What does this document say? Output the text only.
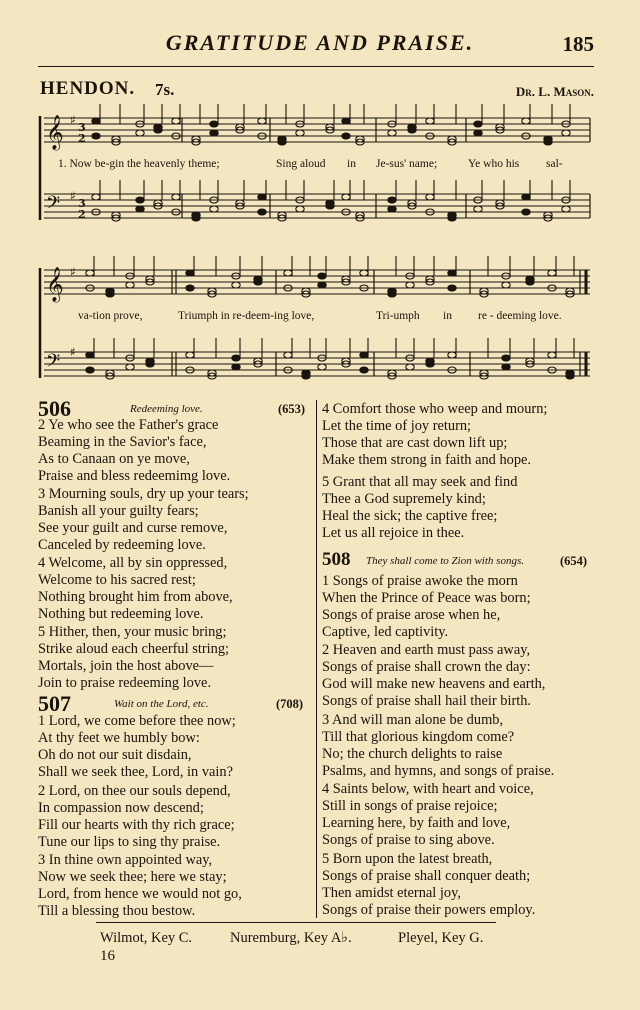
GRATITUDE AND PRAISE.	185
HENDON. 7s.	Dr. L. Mason.
𝄞
𝄢
𝄞
𝄢
♯
♯
♯
♯
3
2
3
2
1. Now be-gin the heavenly theme;	Sing aloud in Je-sus' name;	Ye who his sal-
va-tion prove,	Triumph in re-deem-ing love,	Tri-umph in re - deeming love.
506	Redeeming love.	(653)
2 Ye who see the Father's grace
Beaming in the Savior's face,
As to Canaan on ye move,
Praise and bless redeemimg love.
3 Mourning souls, dry up your tears;
Banish all your guilty fears;
See your guilt and curse remove,
Canceled by redeeming love.
4 Welcome, all by sin oppressed,
Welcome to his sacred rest;
Nothing brought him from above,
Nothing but redeeming love.
5 Hither, then, your music bring;
Strike aloud each cheerful string;
Mortals, join the host above—
Join to praise redeeming love.
507	Wait on the Lord, etc.	(708)
1 Lord, we come before thee now;
At thy feet we humbly bow:
Oh do not our suit disdain,
Shall we seek thee, Lord, in vain?
2 Lord, on thee our souls depend,
In compassion now descend;
Fill our hearts with thy rich grace;
Tune our lips to sing thy praise.
3 In thine own appointed way,
Now we seek thee; here we stay;
Lord, from hence we would not go,
Till a blessing thou bestow.
4 Comfort those who weep and mourn;
Let the time of joy return;
Those that are cast down lift up;
Make them strong in faith and hope.
5 Grant that all may seek and find
Thee a God supremely kind;
Heal the sick; the captive free;
Let us all rejoice in thee.
508 They shall come to Zion with songs.	(654)
1 Songs of praise awoke the morn
When the Prince of Peace was born;
Songs of praise arose when he,
Captive, led captivity.
2 Heaven and earth must pass away,
Songs of praise shall crown the day:
God will make new heavens and earth,
Songs of praise shall hail their birth.
3 And will man alone be dumb,
Till that glorious kingdom come?
No; the church delights to raise
Psalms, and hymns, and songs of praise.
4 Saints below, with heart and voice,
Still in songs of praise rejoice;
Learning here, by faith and love,
Songs of praise to sing above.
5 Born upon the latest breath,
Songs of praise shall conquer death;
Then amidst eternal joy,
Songs of praise their powers employ.
Wilmot, Key C.	Nuremburg, Key A♭.	Pleyel, Key G.
16
